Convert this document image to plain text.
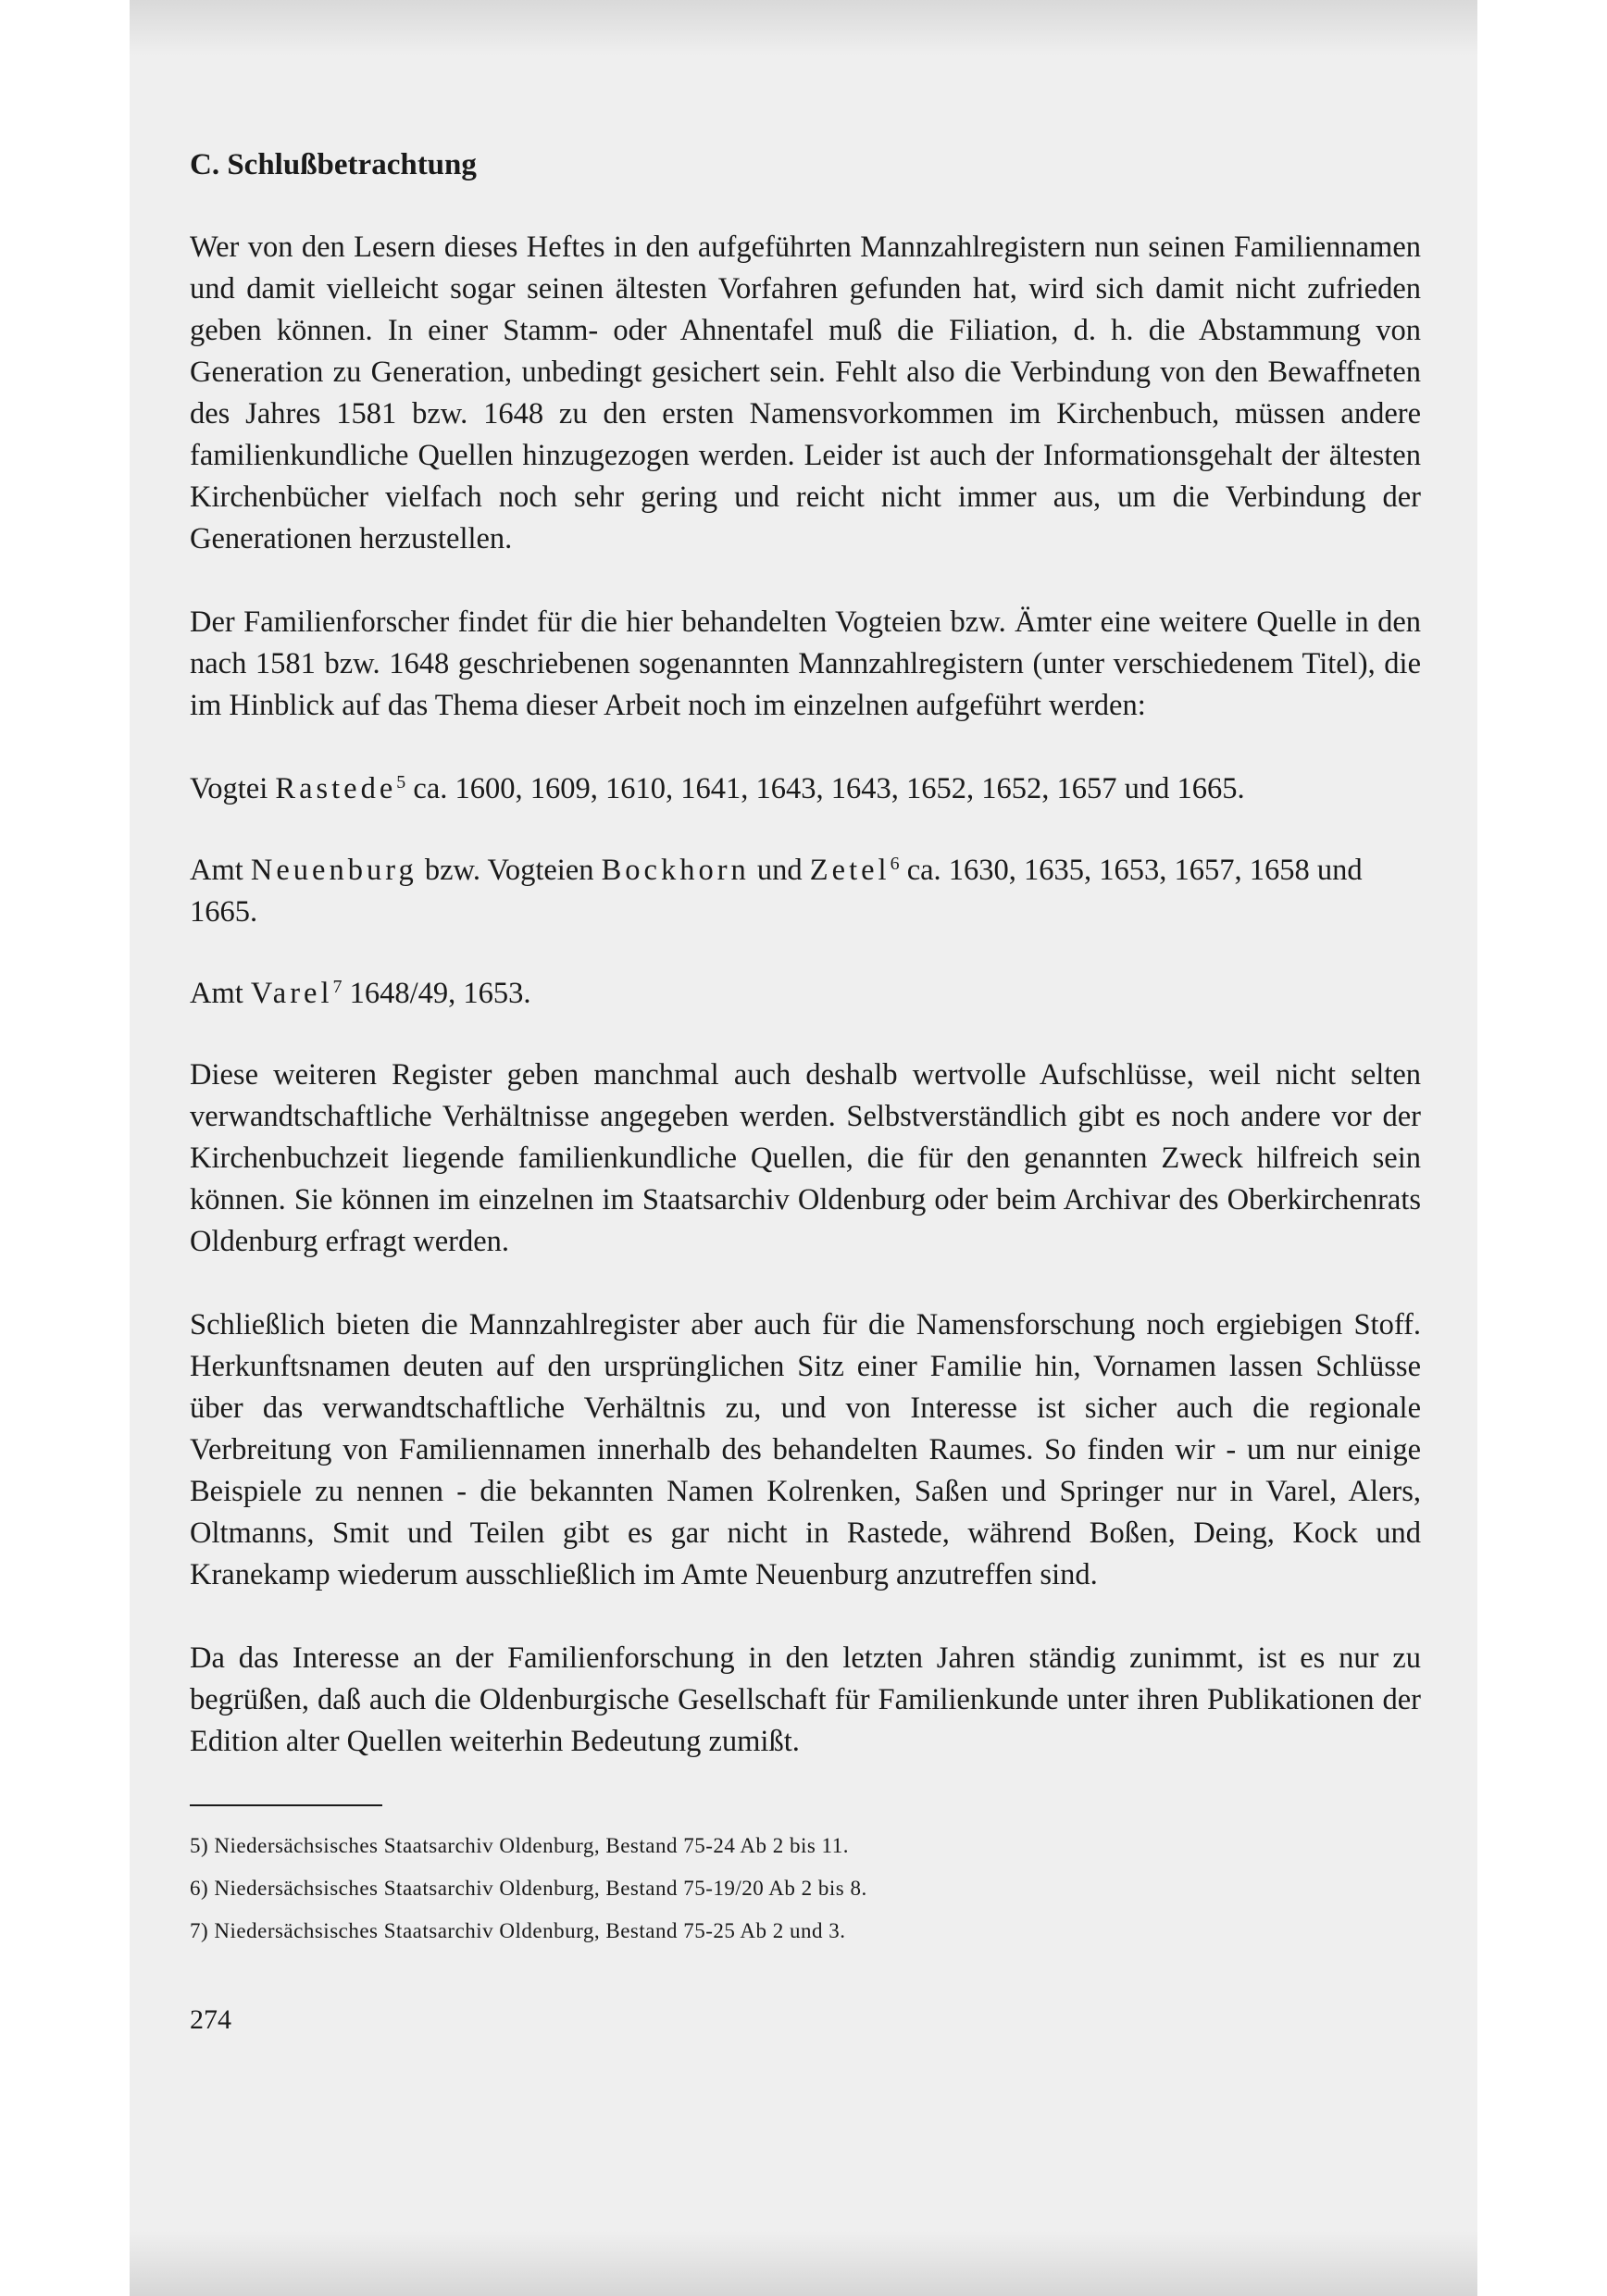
C. Schlußbetrachtung

Wer von den Lesern dieses Heftes in den aufgeführten Mannzahlregistern nun seinen Familiennamen und damit vielleicht sogar seinen ältesten Vorfahren gefunden hat, wird sich damit nicht zufrieden geben können. In einer Stamm- oder Ahnentafel muß die Filiation, d. h. die Abstammung von Generation zu Generation, unbedingt gesichert sein. Fehlt also die Verbindung von den Bewaffneten des Jahres 1581 bzw. 1648 zu den ersten Namensvorkommen im Kirchenbuch, müssen andere familienkundliche Quellen hinzugezogen werden. Leider ist auch der Informationsgehalt der ältesten Kirchenbücher vielfach noch sehr gering und reicht nicht immer aus, um die Verbindung der Generationen herzustellen.

Der Familienforscher findet für die hier behandelten Vogteien bzw. Ämter eine weitere Quelle in den nach 1581 bzw. 1648 geschriebenen sogenannten Mannzahlregistern (unter verschiedenem Titel), die im Hinblick auf das Thema dieser Arbeit noch im einzelnen aufgeführt werden:

Vogtei Rastede$^5$ ca. 1600, 1609, 1610, 1641, 1643, 1643, 1652, 1652, 1657 und 1665.

Amt Neuenburg bzw. Vogteien Bockhorn und Zetel$^6$ ca. 1630, 1635, 1653, 1657, 1658 und 1665.

Amt Varel$^7$ 1648/49, 1653.

Diese weiteren Register geben manchmal auch deshalb wertvolle Aufschlüsse, weil nicht selten verwandtschaftliche Verhältnisse angegeben werden. Selbstverständlich gibt es noch andere vor der Kirchenbuchzeit liegende familienkundliche Quellen, die für den genannten Zweck hilfreich sein können. Sie können im einzelnen im Staatsarchiv Oldenburg oder beim Archivar des Oberkirchenrats Oldenburg erfragt werden.

Schließlich bieten die Mannzahlregister aber auch für die Namensforschung noch ergiebigen Stoff. Herkunftsnamen deuten auf den ursprünglichen Sitz einer Familie hin, Vornamen lassen Schlüsse über das verwandtschaftliche Verhältnis zu, und von Interesse ist sicher auch die regionale Verbreitung von Familiennamen innerhalb des behandelten Raumes. So finden wir - um nur einige Beispiele zu nennen - die bekannten Namen Kolrenken, Saßen und Springer nur in Varel, Alers, Oltmanns, Smit und Teilen gibt es gar nicht in Rastede, während Boßen, Deing, Kock und Kranekamp wiederum ausschließlich im Amte Neuenburg anzutreffen sind.

Da das Interesse an der Familienforschung in den letzten Jahren ständig zunimmt, ist es nur zu begrüßen, daß auch die Oldenburgische Gesellschaft für Familienkunde unter ihren Publikationen der Edition alter Quellen weiterhin Bedeutung zumißt.

5) Niedersächsisches Staatsarchiv Oldenburg, Bestand 75-24 Ab 2 bis 11.

6) Niedersächsisches Staatsarchiv Oldenburg, Bestand 75-19/20 Ab 2 bis 8.

7) Niedersächsisches Staatsarchiv Oldenburg, Bestand 75-25 Ab 2 und 3.

274
